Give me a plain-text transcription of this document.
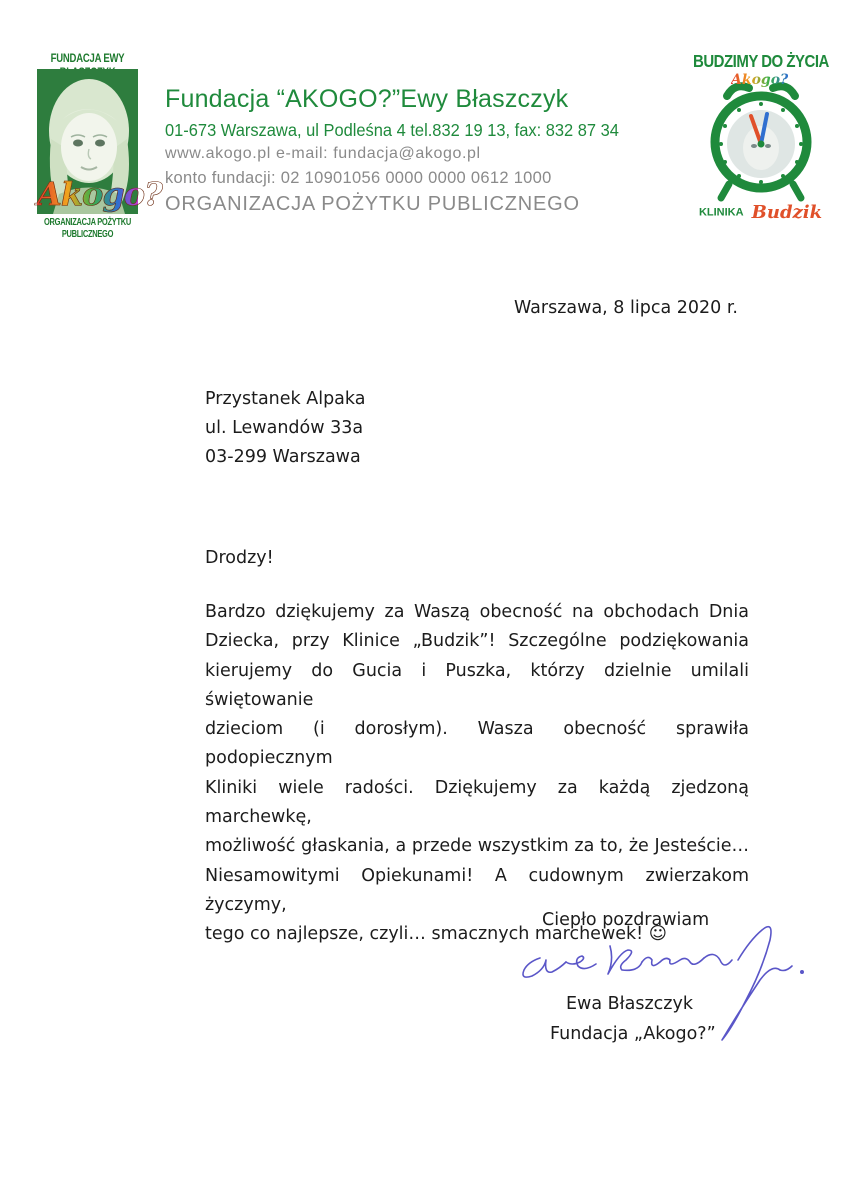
FUNDACJA EWY
Akogo?
ORGANIZACJA POŻYTKU PUBLICZNEGO
Fundacja “AKOGO?”Ewy Błaszczyk
01-673 Warszawa, ul Podleśna 4 tel.832 19 13, fax: 832 87 34
www.akogo.pl e-mail: fundacja@akogo.pl
konto fundacji: 02 10901056 0000 0000 0612 1000
ORGANIZACJA POŻYTKU PUBLICZNEGO
BUDZIMY DO ŻYCIA
Akogo?
KLINIKA Budzik
Warszawa, 8 lipca 2020 r.
Przystanek Alpaka
ul. Lewandów 33a
03-299 Warszawa
Drodzy!
Bardzo dziękujemy za Waszą obecność na obchodach Dnia
Dziecka, przy Klinice „Budzik”! Szczególne podziękowania
kierujemy do Gucia i Puszka, którzy dzielnie umilali świętowanie
dzieciom (i dorosłym). Wasza obecność sprawiła podopiecznym
Kliniki wiele radości. Dziękujemy za każdą zjedzoną marchewkę,
możliwość głaskania, a przede wszystkim za to, że Jesteście…
Niesamowitymi Opiekunami! A cudownym zwierzakom życzymy,
tego co najlepsze, czyli… smacznych marchewek! ☺
Ciepło pozdrawiam
Ewa Błaszczyk
Fundacja „Akogo?”
